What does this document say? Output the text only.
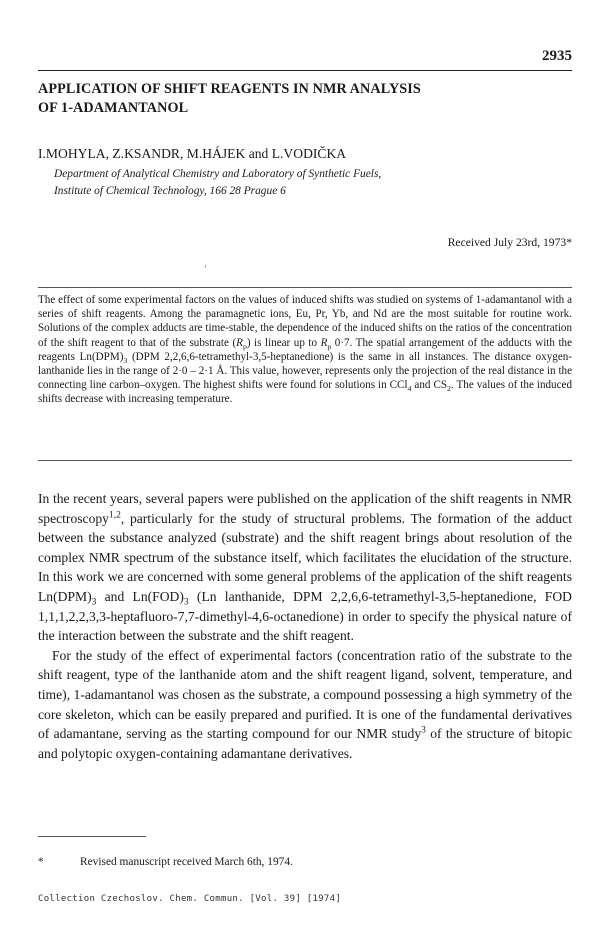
2935
APPLICATION OF SHIFT REAGENTS IN NMR ANALYSIS
OF 1-ADAMANTANOL
I.MOHYLA, Z.KSANDR, M.HÁJEK and L.VODIČKA
Department of Analytical Chemistry and Laboratory of Synthetic Fuels,
Institute of Chemical Technology, 166 28 Prague 6
Received July 23rd, 1973*
ʼ
The effect of some experimental factors on the values of induced shifts was studied on systems of 1-adamantanol with a series of shift reagents. Among the paramagnetic ions, Eu, Pr, Yb, and Nd are the most suitable for routine work. Solutions of the complex adducts are time-stable, the dependence of the induced shifts on the ratios of the concentration of the shift reagent to that of the substrate $(R_p)$ is linear up to $R_p$ 0·7. The spatial arrangement of the adducts with the reagents $Ln(DPM)_3$ (DPM 2,2,6,6-tetramethyl-3,5-heptanedione) is the same in all instances. The distance oxygen-lanthanide lies in the range of 2·0 – 2·1 Å. This value, however, represents only the projection of the real distance in the connecting line carbon–oxygen. The highest shifts were found for solutions in CCl$_4$ and $CS_2$. The values of the induced shifts decrease with increasing temperature.

In the recent years, several papers were published on the application of the shift reagents in NMR spectroscopy$^{1,2}$, particularly for the study of structural problems. The formation of the adduct between the substance analyzed (substrate) and the shift reagent brings about resolution of the complex NMR spectrum of the substance itself, which facilitates the elucidation of the structure. In this work we are concerned with some general problems of the application of the shift reagents $Ln(DPM)_3$ and $Ln(FOD)_3$ (Ln lanthanide, DPM 2,2,6,6-tetramethyl-3,5-heptanedione, FOD 1,1,1,2,2,3,3-heptafluoro-7,7-dimethyl-4,6-octanedione) in order to specify the physical nature of the interaction between the substrate and the shift reagent.

For the study of the effect of experimental factors (concentration ratio of the substrate to the shift reagent, type of the lanthanide atom and the shift reagent ligand, solvent, temperature, and time), 1-adamantanol was chosen as the substrate, a compound possessing a high symmetry of the core skeleton, which can be easily prepared and purified. It is one of the fundamental derivatives of adamantane, serving as the starting compound for our NMR study$^3$ of the structure of bitopic and polytopic oxygen-containing adamantane derivatives.

*	Revised manuscript received March 6th, 1974.
Collection Czechoslov. Chem. Commun. [Vol. 39] [1974]
